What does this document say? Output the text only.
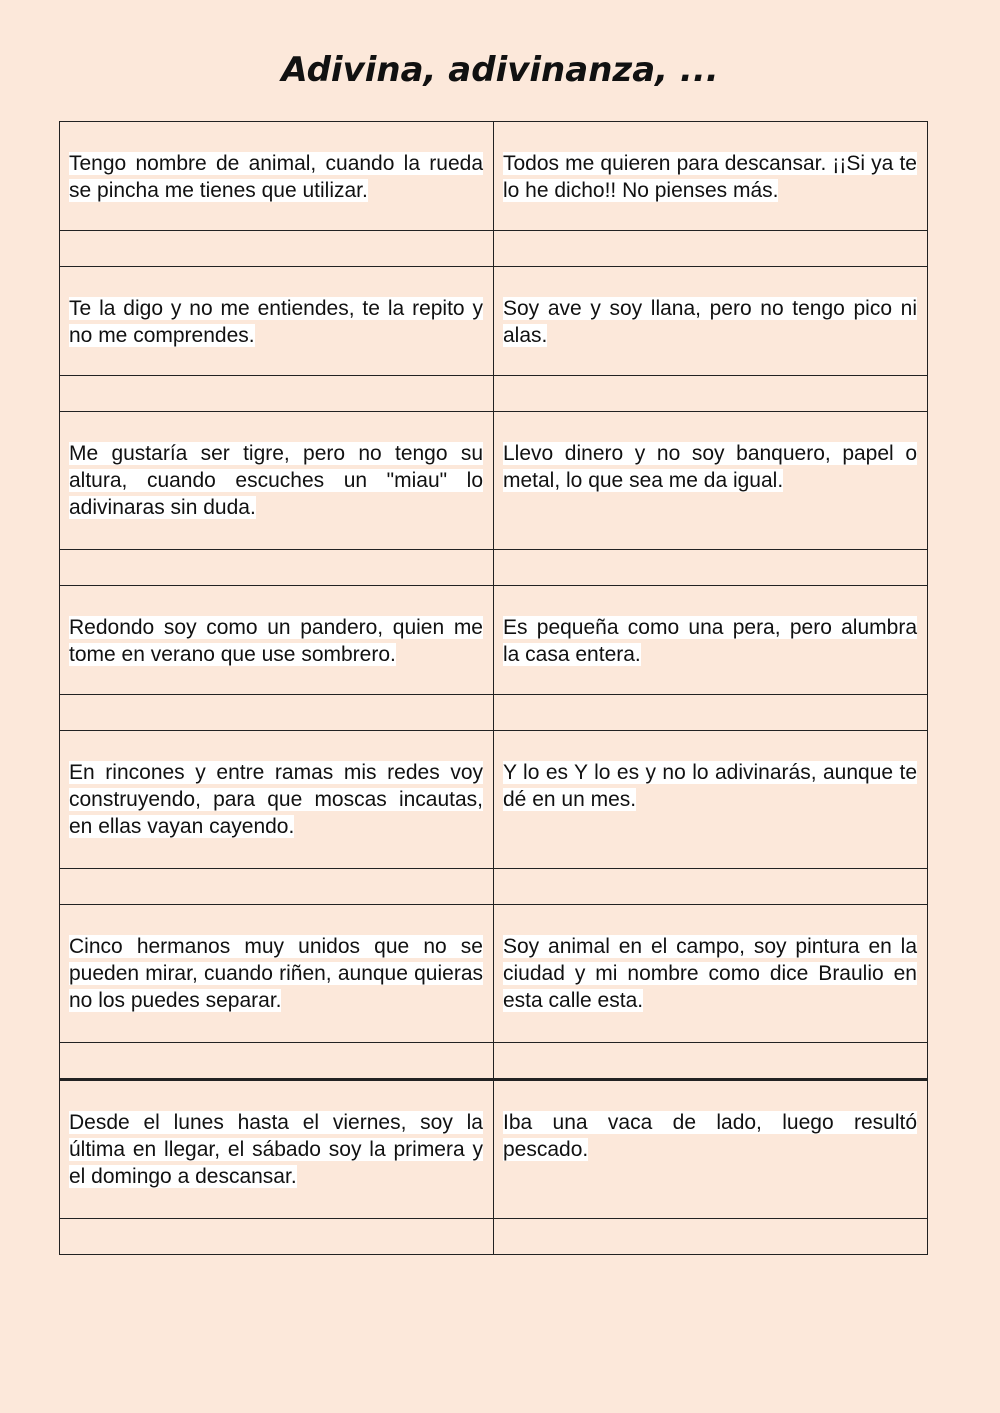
Adivina, adivinanza, ...
Tengo nombre de animal, cuando la rueda se pincha me tienes que utilizar.	Todos me quieren para descansar. ¡¡Si ya te lo he dicho!! No pienses más.

Te la digo y no me entiendes, te la repito y no me comprendes.	Soy ave y soy llana, pero no tengo pico ni alas.

Me gustaría ser tigre, pero no tengo su altura, cuando escuches un "miau" lo adivinaras sin duda.	Llevo dinero y no soy banquero, papel o metal, lo que sea me da igual.

Redondo soy como un pandero, quien me tome en verano que use sombrero.	Es pequeña como una pera, pero alumbra la casa entera.

En rincones y entre ramas mis redes voy construyendo, para que moscas incautas, en ellas vayan cayendo.	Y lo es Y lo es y no lo adivinarás, aunque te dé en un mes.

Cinco hermanos muy unidos que no se pueden mirar, cuando riñen, aunque quieras no los puedes separar.	Soy animal en el campo, soy pintura en la ciudad y mi nombre como dice Braulio en esta calle esta.

Desde el lunes hasta el viernes, soy la última en llegar, el sábado soy la primera y el domingo a descansar.	Iba una vaca de lado, luego resultó pescado.
